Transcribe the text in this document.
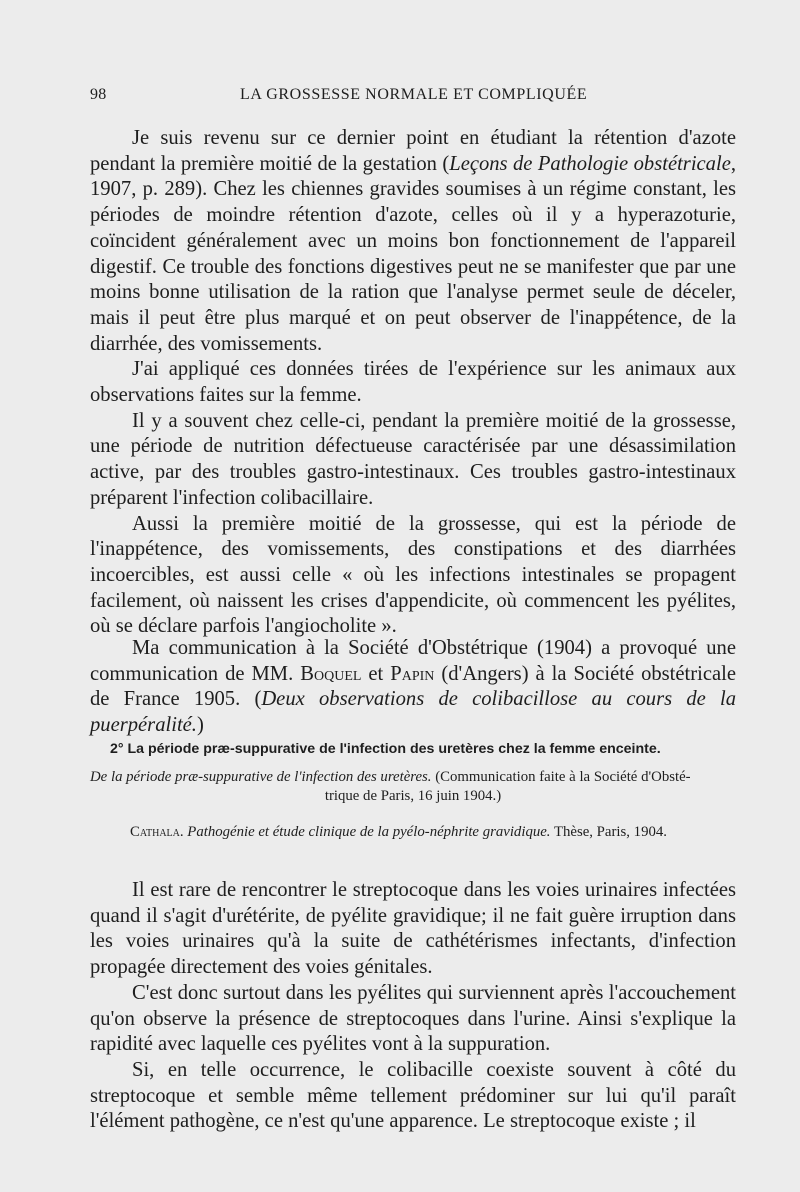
98	LA GROSSESSE NORMALE ET COMPLIQUÉE

Je suis revenu sur ce dernier point en étudiant la rétention d'azote pendant la première moitié de la gestation (Leçons de Pathologie obstétricale, 1907, p. 289). Chez les chiennes gravides soumises à un régime constant, les périodes de moindre rétention d'azote, celles où il y a hyperazoturie, coïncident généralement avec un moins bon fonctionnement de l'appareil digestif. Ce trouble des fonctions digestives peut ne se manifester que par une moins bonne utilisation de la ration que l'analyse permet seule de déceler, mais il peut être plus marqué et on peut observer de l'inappétence, de la diarrhée, des vomissements.

J'ai appliqué ces données tirées de l'expérience sur les animaux aux observations faites sur la femme.

Il y a souvent chez celle-ci, pendant la première moitié de la grossesse, une période de nutrition défectueuse caractérisée par une désassimilation active, par des troubles gastro-intestinaux. Ces troubles gastro-intestinaux préparent l'infection colibacillaire.

Aussi la première moitié de la grossesse, qui est la période de l'inappétence, des vomissements, des constipations et des diarrhées incoercibles, est aussi celle « où les infections intestinales se propagent facilement, où naissent les crises d'appendicite, où commencent les pyélites, où se déclare parfois l'angiocholite ».

Ma communication à la Société d'Obstétrique (1904) a provoqué une communication de MM. Boquel et Papin (d'Angers) à la Société obstétricale de France 1905. (Deux observations de colibacillose au cours de la puerpéralité.)

2° La période præ-suppurative de l'infection des uretères chez la femme enceinte.
De la période præ-suppurative de l'infection des uretères. (Communication faite à la Société d'Obsté-
trique de Paris, 16 juin 1904.)
Cathala. Pathogénie et étude clinique de la pyélo-néphrite gravidique. Thèse, Paris, 1904.

Il est rare de rencontrer le streptocoque dans les voies urinaires infectées quand il s'agit d'urétérite, de pyélite gravidique; il ne fait guère irruption dans les voies urinaires qu'à la suite de cathétérismes infectants, d'infection propagée directement des voies génitales.

C'est donc surtout dans les pyélites qui surviennent après l'accouchement qu'on observe la présence de streptocoques dans l'urine. Ainsi s'explique la rapidité avec laquelle ces pyélites vont à la suppuration.

Si, en telle occurrence, le colibacille coexiste souvent à côté du streptocoque et semble même tellement prédominer sur lui qu'il paraît l'élément pathogène, ce n'est qu'une apparence. Le streptocoque existe ; il
